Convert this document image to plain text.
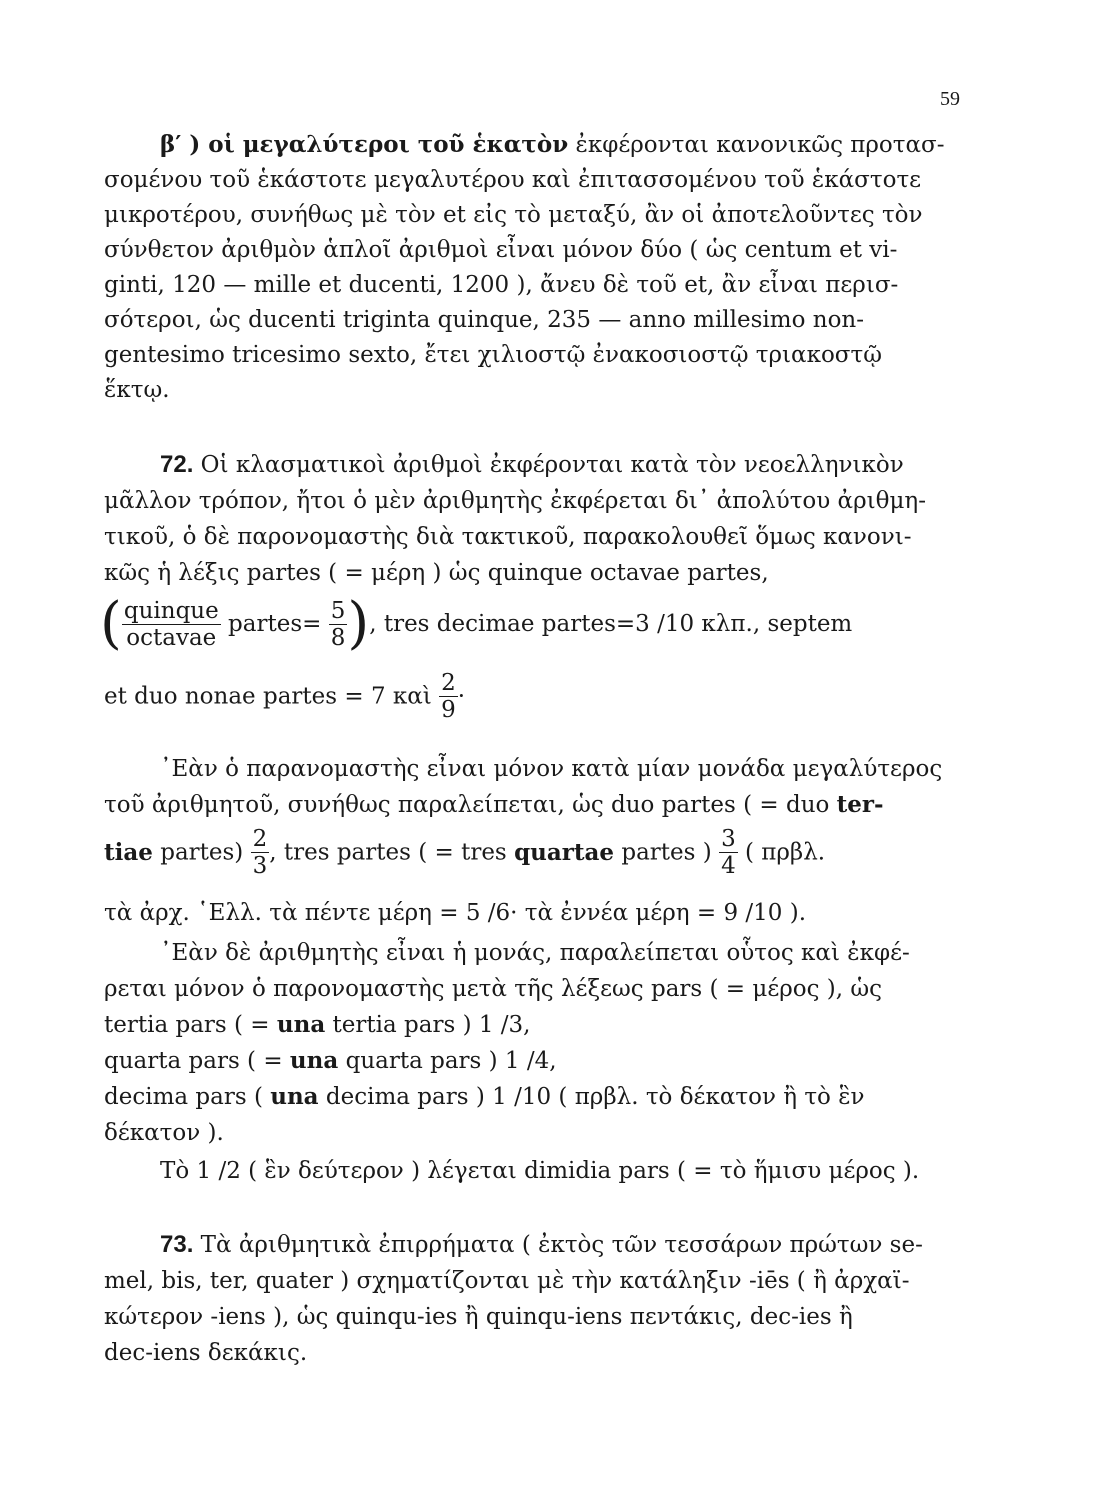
59
β′ ) οἱ μεγαλύτεροι τοῦ ἑκατὸν ἐκφέρονται κανονικῶς προτασ-
σομένου τοῦ ἑκάστοτε μεγαλυτέρου καὶ ἐπιτασσομένου τοῦ ἑκάστοτε
μικροτέρου, συνήθως μὲ τὸν et εἰς τὸ μεταξύ, ἂν οἱ ἀποτελοῦντες τὸν
σύνθετον ἀριθμὸν ἁπλοῖ ἀριθμοὶ εἶναι μόνον δύο ( ὡς centum et vi-
ginti, 120 — mille et ducenti, 1200 ), ἄνευ δὲ τοῦ et, ἂν εἶναι περισ-
σότεροι, ὡς ducenti triginta quinque, 235 — anno millesimo non-
gentesimo tricesimo sexto, ἔτει χιλιοστῷ ἐνακοσιοστῷ τριακοστῷ
ἕκτῳ.
72. Οἱ κλασματικοὶ ἀριθμοὶ ἐκφέρονται κατὰ τὸν νεοελληνικὸν
μᾶλλον τρόπον, ἤτοι ὁ μὲν ἀριθμητὴς ἐκφέρεται δι᾽ ἀπολύτου ἀριθμη-
τικοῦ, ὁ δὲ παρονομαστὴς διὰ τακτικοῦ, παρακολουθεῖ ὅμως κανονι-
κῶς ἡ λέξις partes ( = μέρη ) ὡς quinque octavae partes,
( $\frac{\text{quinque}}{\text{octavae}}$ partes= $\frac{5}{8}$ ), tres decimae partes=3 /10 κλπ., septem
et duo nonae partes = 7 καὶ $\frac{2}{9}$ ·
᾿Εὰν ὁ παρανομαστὴς εἶναι μόνον κατὰ μίαν μονάδα μεγαλύτερος
τοῦ ἀριθμητοῦ, συνήθως παραλείπεται, ὡς duo partes ( = duo ter-
tiae partes) $\frac{2}{3}$ , tres partes ( = tres quartae partes ) $\frac{3}{4}$ ( πρβλ.
τὰ ἀρχ. ῾Ελλ. τὰ πέντε μέρη = 5 /6· τὰ ἐννέα μέρη = 9 /10 ).
᾿Εὰν δὲ ἀριθμητὴς εἶναι ἡ μονάς, παραλείπεται οὗτος καὶ ἐκφέ-
ρεται μόνον ὁ παρονομαστὴς μετὰ τῆς λέξεως pars ( = μέρος ), ὡς
tertia pars ( = una tertia pars ) 1 /3,
quarta pars ( = una quarta pars ) 1 /4,
decima pars ( una decima pars ) 1 /10 ( πρβλ. τὸ δέκατον ἢ τὸ ἓν
δέκατον ).
Τὸ 1 /2 ( ἓν δεύτερον ) λέγεται dimidia pars ( = τὸ ἥμισυ μέρος ).
73. Τὰ ἀριθμητικὰ ἐπιρρήματα ( ἐκτὸς τῶν τεσσάρων πρώτων se-
mel, bis, ter, quater ) σχηματίζονται μὲ τὴν κατάληξιν -iēs ( ἢ ἀρχαϊ-
κώτερον -iens ), ὡς quinqu-ies ἢ quinqu-iens πεντάκις, dec-ies ἢ
dec-iens δεκάκις.
